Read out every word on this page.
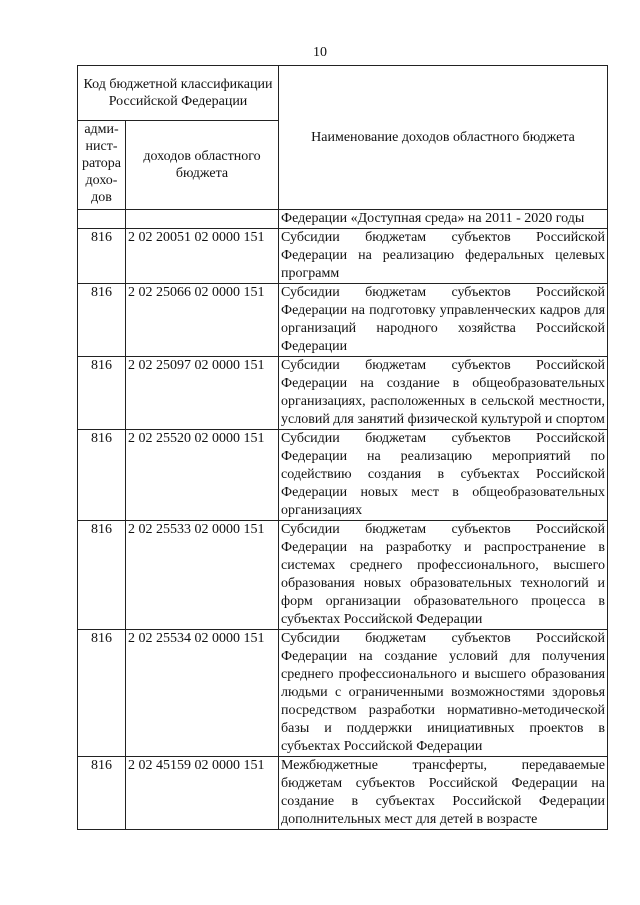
10
Код бюджетной классификации Российской Федерации		Наименование доходов областного бюджета
адми-нист-ратора дохо-дов	доходов областного бюджета	
		Федерации «Доступная среда» на 2011 - 2020 годы
816	2 02 20051 02 0000 151	Субсидии бюджетам субъектов Российской Федерации на реализацию федеральных целевых программ
816	2 02 25066 02 0000 151	Субсидии бюджетам субъектов Российской Федерации на подготовку управленческих кадров для организаций народного хозяйства Российской Федерации
816	2 02 25097 02 0000 151	Субсидии бюджетам субъектов Российской Федерации на создание в общеобразовательных организациях, расположенных в сельской местности, условий для занятий физической культурой и спортом
816	2 02 25520 02 0000 151	Субсидии бюджетам субъектов Российской Федерации на реализацию мероприятий по содействию создания в субъектах Российской Федерации новых мест в общеобразовательных организациях
816	2 02 25533 02 0000 151	Субсидии бюджетам субъектов Российской Федерации на разработку и распространение в системах среднего профессионального, высшего образования новых образовательных технологий и форм организации образовательного процесса в субъектах Российской Федерации
816	2 02 25534 02 0000 151	Субсидии бюджетам субъектов Российской Федерации на создание условий для получения среднего профессионального и высшего образования людьми с ограниченными возможностями здоровья посредством разработки нормативно-методической базы и поддержки инициативных проектов в субъектах Российской Федерации
816	2 02 45159 02 0000 151	Межбюджетные трансферты, передаваемые бюджетам субъектов Российской Федерации на создание в субъектах Российской Федерации дополнительных мест для детей в возрасте
